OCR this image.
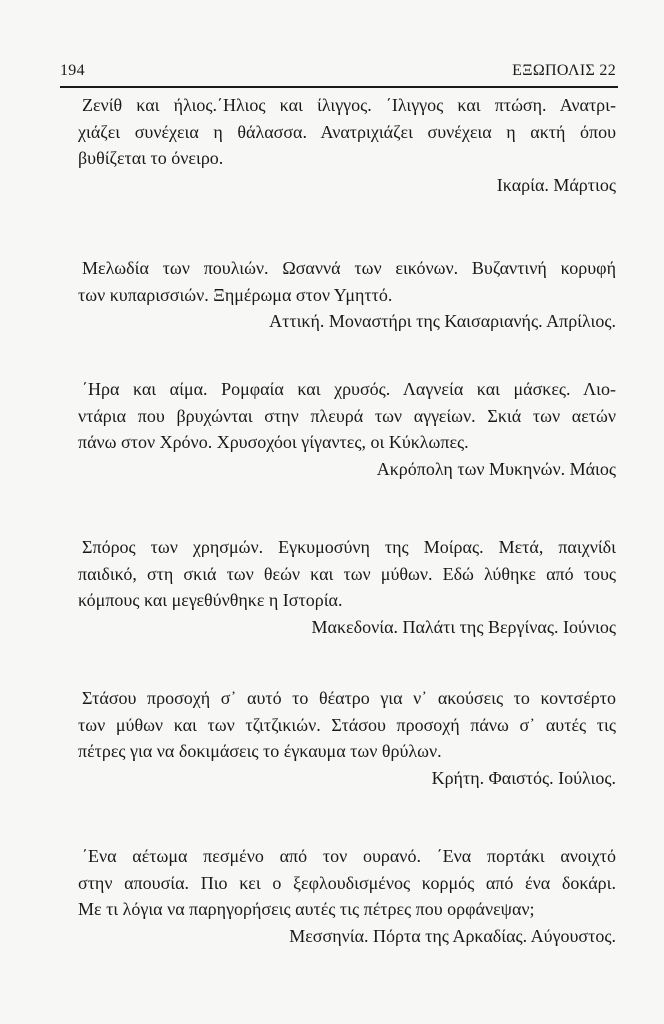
194	ΕΞΩΠΟΛΙΣ 22
Ζενίθ και ήλιος.΄Ηλιος και ίλιγγος. ΄Ιλιγγος και πτώση. Ανατρι-
χιάζει συνέχεια η θάλασσα. Ανατριχιάζει συνέχεια η ακτή όπου
βυθίζεται το όνειρο.
Ικαρία. Μάρτιος
Μελωδία των πουλιών. Ωσαννά των εικόνων. Βυζαντινή κορυφή
των κυπαρισσιών. Ξημέρωμα στον Υμηττό.
Αττική. Μοναστήρι της Καισαριανής. Απρίλιος.
΄Ηρα και αίμα. Ρομφαία και χρυσός. Λαγνεία και μάσκες. Λιο-
ντάρια που βρυχώνται στην πλευρά των αγγείων. Σκιά των αετών
πάνω στον Χρόνο. Χρυσοχόοι γίγαντες, οι Κύκλωπες.
Ακρόπολη των Μυκηνών. Μάιος
Σπόρος των χρησμών. Εγκυμοσύνη της Μοίρας. Μετά, παιχνίδι
παιδικό, στη σκιά των θεών και των μύθων. Εδώ λύθηκε από τους
κόμπους και μεγεθύνθηκε η Ιστορία.
Μακεδονία. Παλάτι της Βεργίνας. Ιούνιος
Στάσου προσοχή σ᾽ αυτό το θέατρο για ν᾽ ακούσεις το κοντσέρτο
των μύθων και των τζιτζικιών. Στάσου προσοχή πάνω σ᾽ αυτές τις
πέτρες για να δοκιμάσεις το έγκαυμα των θρύλων.
Κρήτη. Φαιστός. Ιούλιος.
΄Ενα αέτωμα πεσμένο από τον ουρανό. ΄Ενα πορτάκι ανοιχτό
στην απουσία. Πιο κει ο ξεφλουδισμένος κορμός από ένα δοκάρι.
Με τι λόγια να παρηγορήσεις αυτές τις πέτρες που ορφάνεψαν;
Μεσσηνία. Πόρτα της Αρκαδίας. Αύγουστος.
